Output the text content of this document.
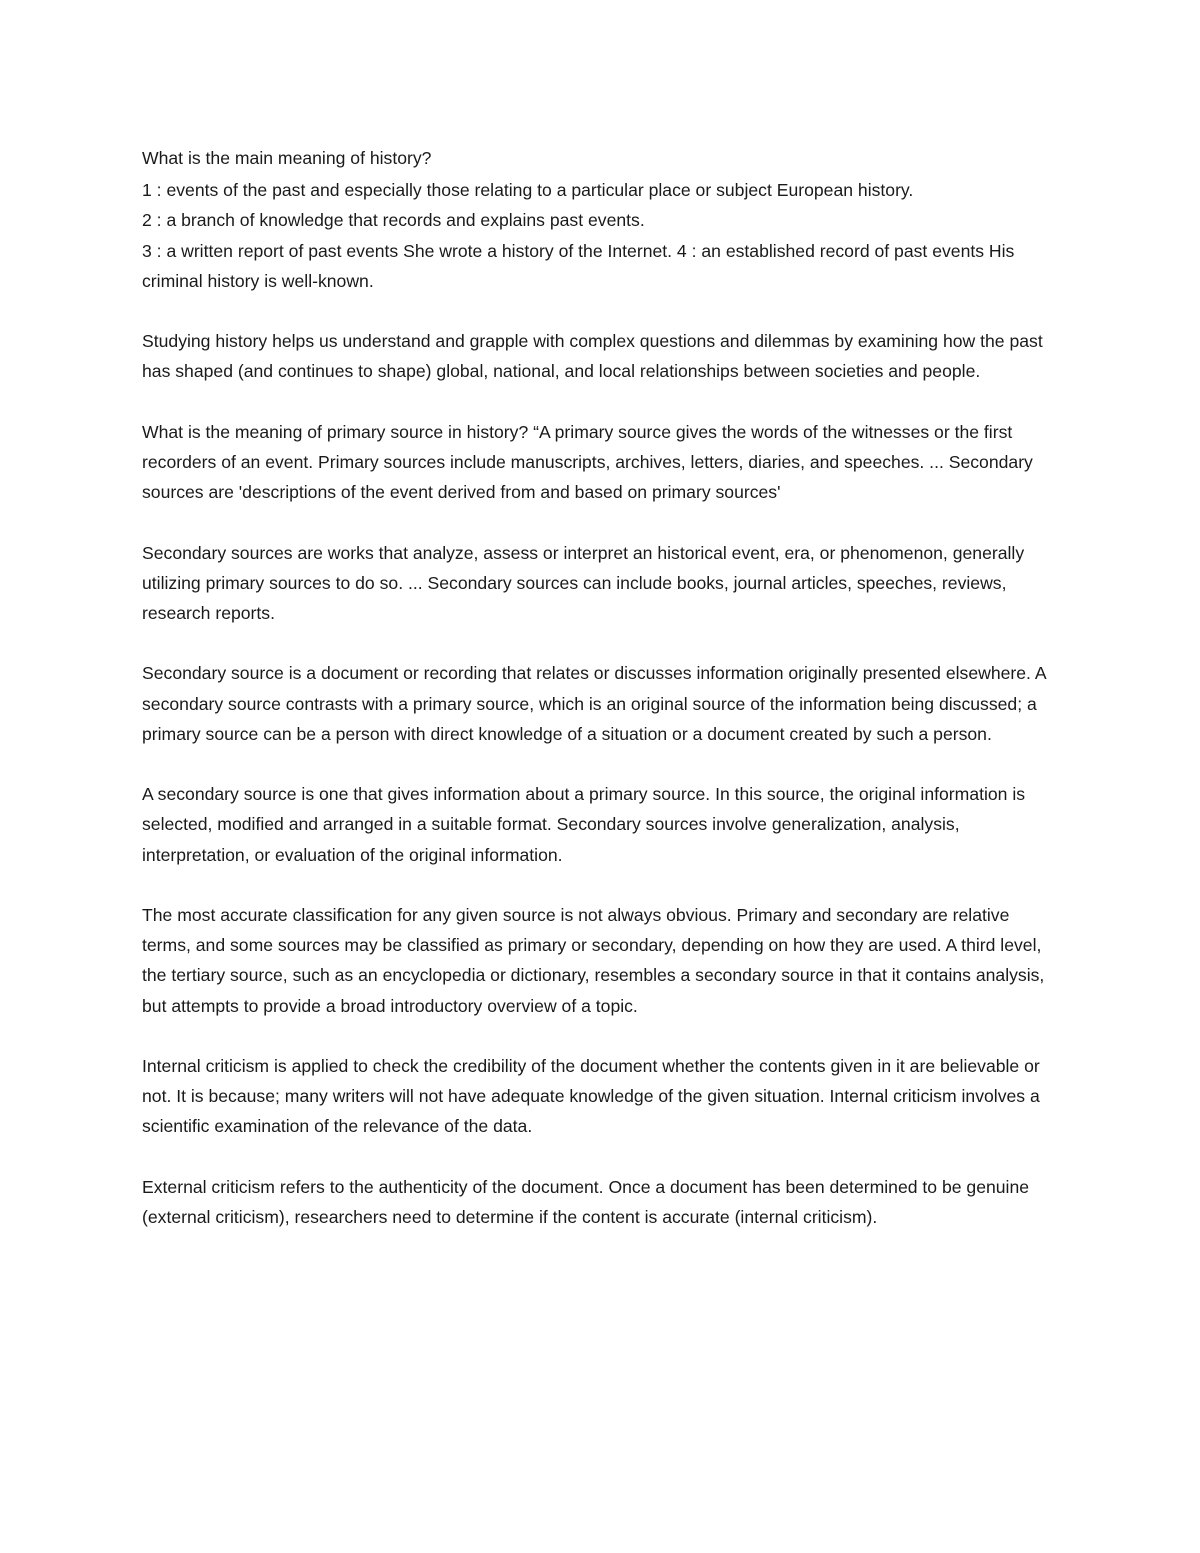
What is the main meaning of history?

1 : events of the past and especially those relating to a particular place or subject European history.
2 : a branch of knowledge that records and explains past events.
3 : a written report of past events She wrote a history of the Internet. 4 : an established record of past events His criminal history is well-known.

Studying history helps us understand and grapple with complex questions and dilemmas by examining how the past has shaped (and continues to shape) global, national, and local relationships between societies and people.

What is the meaning of primary source in history? “A primary source gives the words of the witnesses or the first recorders of an event. Primary sources include manuscripts, archives, letters, diaries, and speeches. ... Secondary sources are 'descriptions of the event derived from and based on primary sources'

Secondary sources are works that analyze, assess or interpret an historical event, era, or phenomenon, generally utilizing primary sources to do so. ... Secondary sources can include books, journal articles, speeches, reviews, research reports.

Secondary source is a document or recording that relates or discusses information originally presented elsewhere. A secondary source contrasts with a primary source, which is an original source of the information being discussed; a primary source can be a person with direct knowledge of a situation or a document created by such a person.

A secondary source is one that gives information about a primary source. In this source, the original information is selected, modified and arranged in a suitable format. Secondary sources involve generalization, analysis, interpretation, or evaluation of the original information.

The most accurate classification for any given source is not always obvious. Primary and secondary are relative terms, and some sources may be classified as primary or secondary, depending on how they are used. A third level, the tertiary source, such as an encyclopedia or dictionary, resembles a secondary source in that it contains analysis, but attempts to provide a broad introductory overview of a topic.

Internal criticism is applied to check the credibility of the document whether the contents given in it are believable or not. It is because; many writers will not have adequate knowledge of the given situation. Internal criticism involves a scientific examination of the relevance of the data.

External criticism refers to the authenticity of the document. Once a document has been determined to be genuine (external criticism), researchers need to determine if the content is accurate (internal criticism).
